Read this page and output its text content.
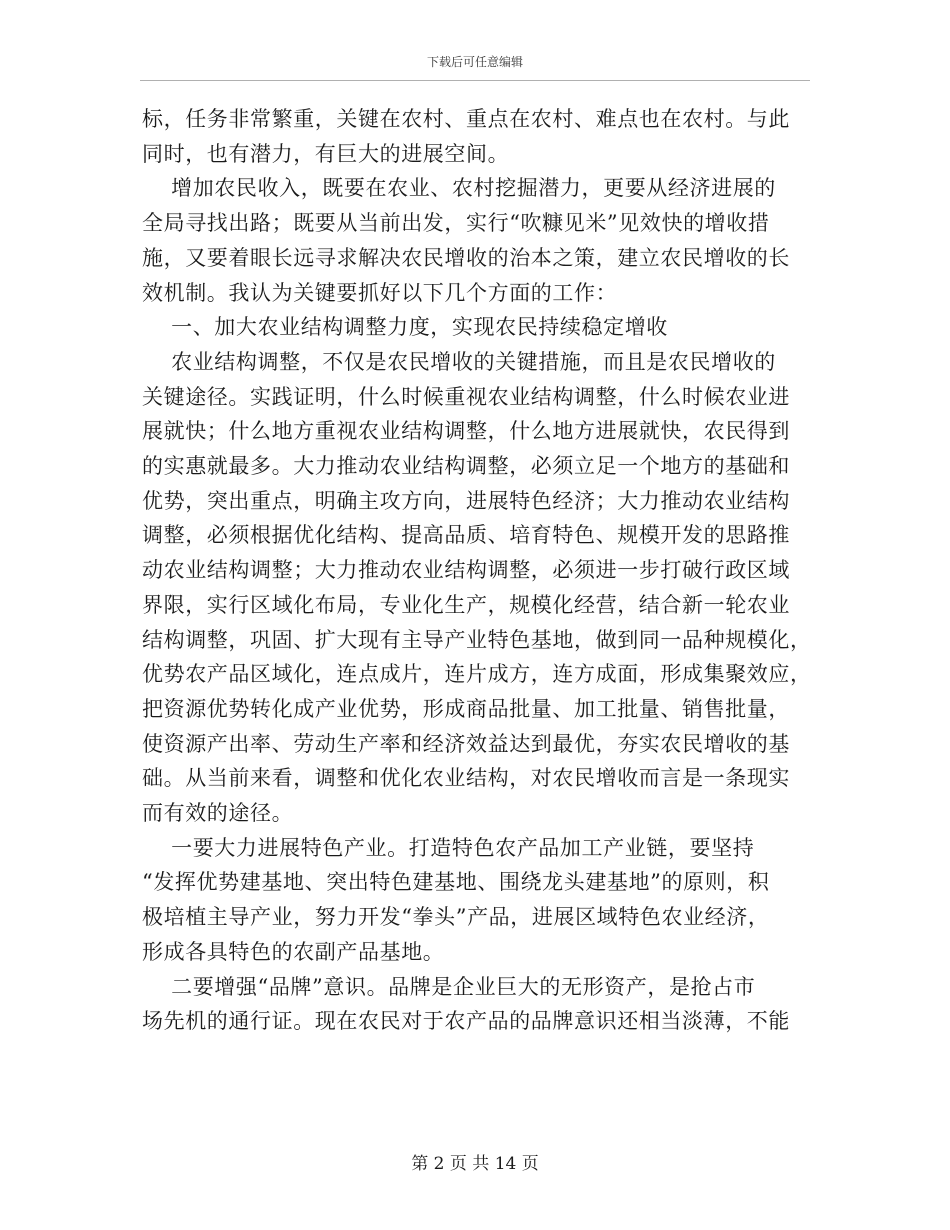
下载后可任意编辑

标，任务非常繁重，关键在农村、重点在农村、难点也在农村。与此
同时，也有潜力，有巨大的进展空间。

增加农民收入，既要在农业、农村挖掘潜力，更要从经济进展的
全局寻找出路；既要从当前出发，实行“吹糠见米”见效快的增收措
施，又要着眼长远寻求解决农民增收的治本之策，建立农民增收的长
效机制。我认为关键要抓好以下几个方面的工作：

一、加大农业结构调整力度，实现农民持续稳定增收

农业结构调整，不仅是农民增收的关键措施，而且是农民增收的
关键途径。实践证明，什么时候重视农业结构调整，什么时候农业进
展就快；什么地方重视农业结构调整，什么地方进展就快，农民得到
的实惠就最多。大力推动农业结构调整，必须立足一个地方的基础和
优势，突出重点，明确主攻方向，进展特色经济；大力推动农业结构
调整，必须根据优化结构、提高品质、培育特色、规模开发的思路推
动农业结构调整；大力推动农业结构调整，必须进一步打破行政区域
界限，实行区域化布局，专业化生产，规模化经营，结合新一轮农业
结构调整，巩固、扩大现有主导产业特色基地，做到同一品种规模化，
优势农产品区域化，连点成片，连片成方，连方成面，形成集聚效应，
把资源优势转化成产业优势，形成商品批量、加工批量、销售批量，
使资源产出率、劳动生产率和经济效益达到最优，夯实农民增收的基
础。从当前来看，调整和优化农业结构，对农民增收而言是一条现实
而有效的途径。

一要大力进展特色产业。打造特色农产品加工产业链，要坚持
“发挥优势建基地、突出特色建基地、围绕龙头建基地”的原则，积
极培植主导产业，努力开发“拳头”产品，进展区域特色农业经济，
形成各具特色的农副产品基地。

二要增强“品牌”意识。品牌是企业巨大的无形资产，是抢占市
场先机的通行证。现在农民对于农产品的品牌意识还相当淡薄，不能

第 2 页 共 14 页
